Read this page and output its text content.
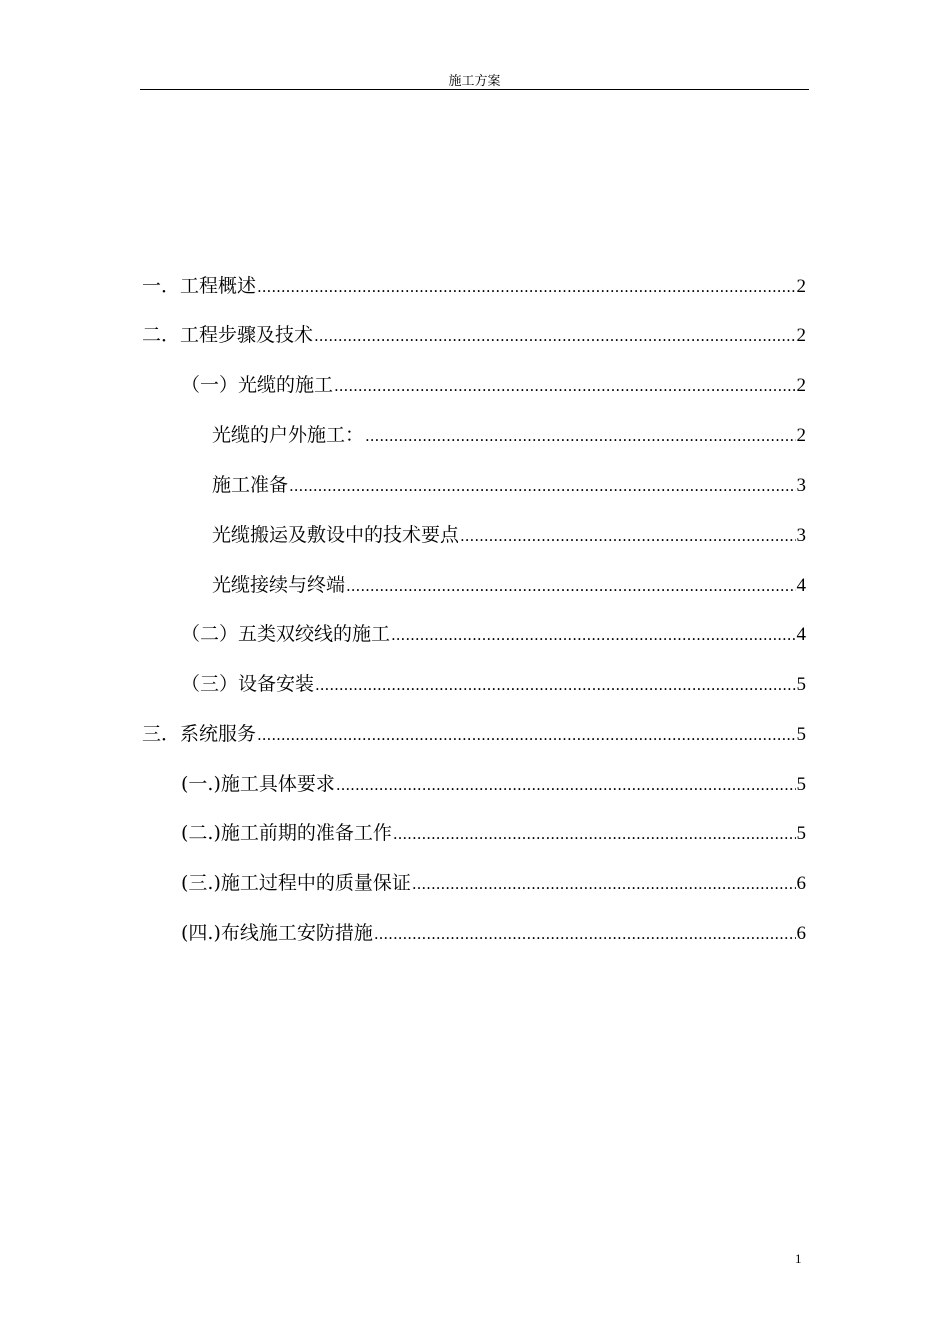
施工方案
一．工程概述 .....	2
二．工程步骤及技术 .....	2
（一）光缆的施工 .....	2
光缆的户外施工： .....	2
施工准备 .....	3
光缆搬运及敷设中的技术要点 .....	3
光缆接续与终端 .....	4
（二）五类双绞线的施工 .....	4
（三）设备安装 .....	5
三．系统服务 .....	5
(一.)施工具体要求 .....	5
(二.)施工前期的准备工作 .....	5
(三.)施工过程中的质量保证 .....	6
(四.)布线施工安防措施 .....	6
1
